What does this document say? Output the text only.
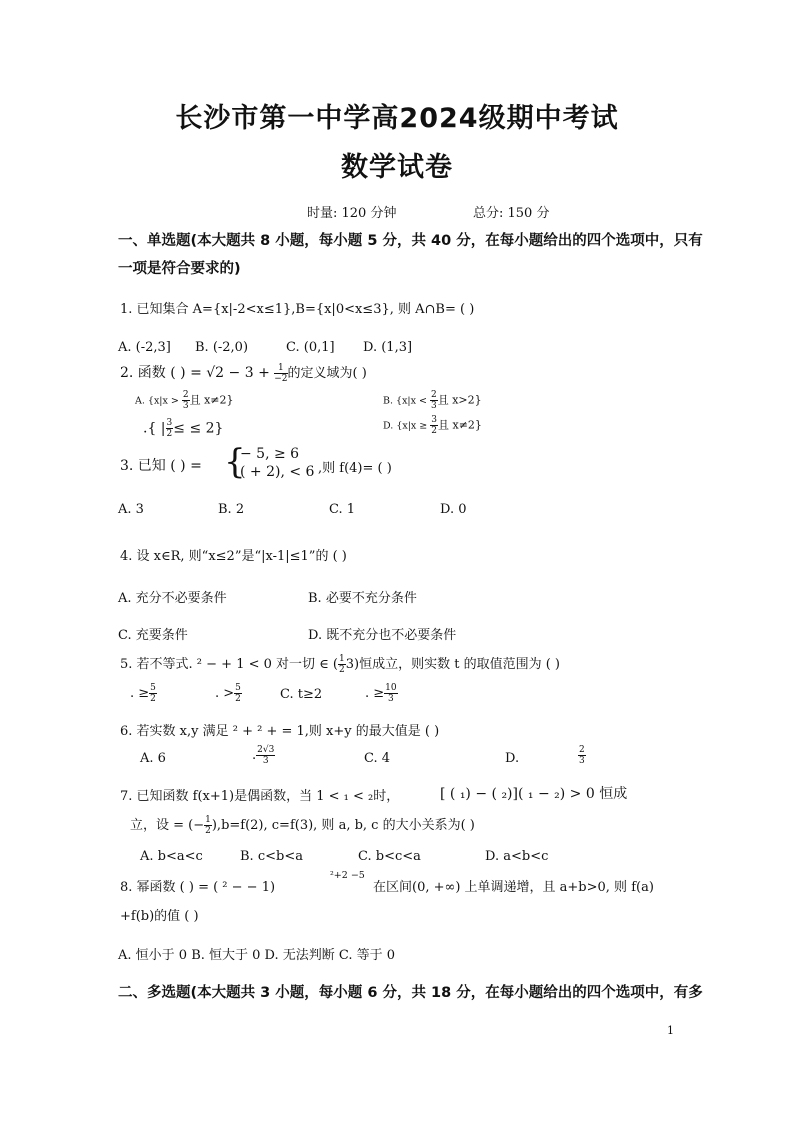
长沙市第一中学高2024级期中考试
数学试卷
时量: 120 分钟	总分: 150 分
一、单选题(本大题共 8 小题，每小题 5 分，共 40 分，在每小题给出的四个选项中，只有
一项是符合要求的)
1. 已知集合 A={x|-2<x≤1},B={x|0<x≤3}, 则 A∩B= ( )
A. (-2,3] B. (-2,0)	C. (0,1] D. (1,3]
2. 函数 ( ) = $√2 - 3 + \frac{1}{-2}$ 的定义域为( )
A. {$x|x > \frac{2}{3}$ 且 x≠2}	B. {$x|x < \frac{2}{3}$ 且 x>2}
.{ | $\frac{3}{2}$ ≤ ≤ 2}	D. {$x|x \ge \frac{3}{2}$ 且 x≠2}
3. 已知 ( ) = {
− 5, ≥ 6
( + 2), < 6 ,则 f(4)= ( )
A. 3	B. 2	C. 1	D. 0
4. 设 x∈R, 则“x≤2”是“|x-1|≤1”的 ( )
A. 充分不必要条件	B. 必要不充分条件
C. 充要条件	D. 既不充分也不必要条件
5. 若不等式. ² − + 1 < 0 对一切 ∈ ( $\frac{1}{2} 3$)恒成立，则实数 t 的取值范围为 ( )
. ≥ $\frac{5}{2}$	. > $\frac{5}{2}$	C. t≥2	. ≥ $\frac{10}{3}$
6. 若实数 x,y 满足 ² + ² + = 1,则 x+y 的最大值是 ( )
A. 6	. $\frac{2√3}{3}$	C. 4	D.	$\frac{2}{3}$
7. 已知函数 f(x+1)是偶函数，当 1 < ₁ < ₂时，	[ ( ₁) − ( ₂)]( ₁ − ₂) > 0 恒成
立，设 = (− $\frac{1}{2} ),b=f(2)$, c=f(3), 则 a, b, c 的大小关系为( )
A. b<a<c	B. c<b<a	C. b<c<a	D. a<b<c
8. 幂函数 ( ) = ( ² − − 1)
²+2 −5
在区间(0, +∞) 上单调递增，且 a+b>0, 则 f(a)
+f(b)的值 ( )
A. 恒小于 0 B. 恒大于 0 D. 无法判断 C. 等于 0
二、多选题(本大题共 3 小题，每小题 6 分，共 18 分，在每小题给出的四个选项中，有多
1
